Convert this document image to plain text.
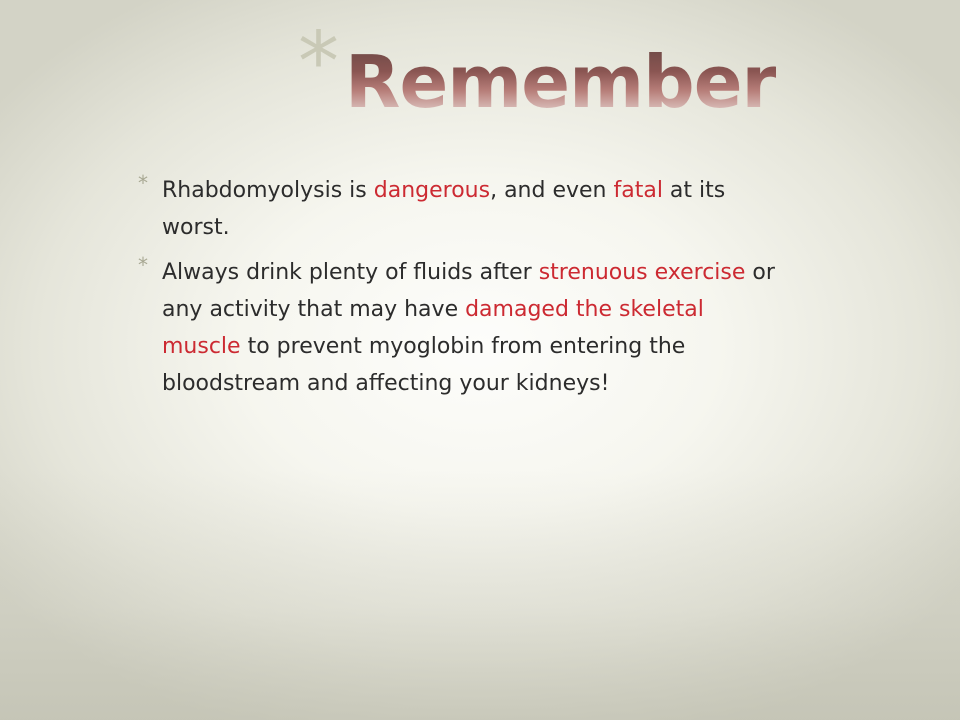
* Remember
* Rhabdomyolysis is dangerous, and even fatal at its worst.
* Always drink plenty of fluids after strenuous exercise or any activity that may have damaged the skeletal muscle to prevent myoglobin from entering the bloodstream and affecting your kidneys!
